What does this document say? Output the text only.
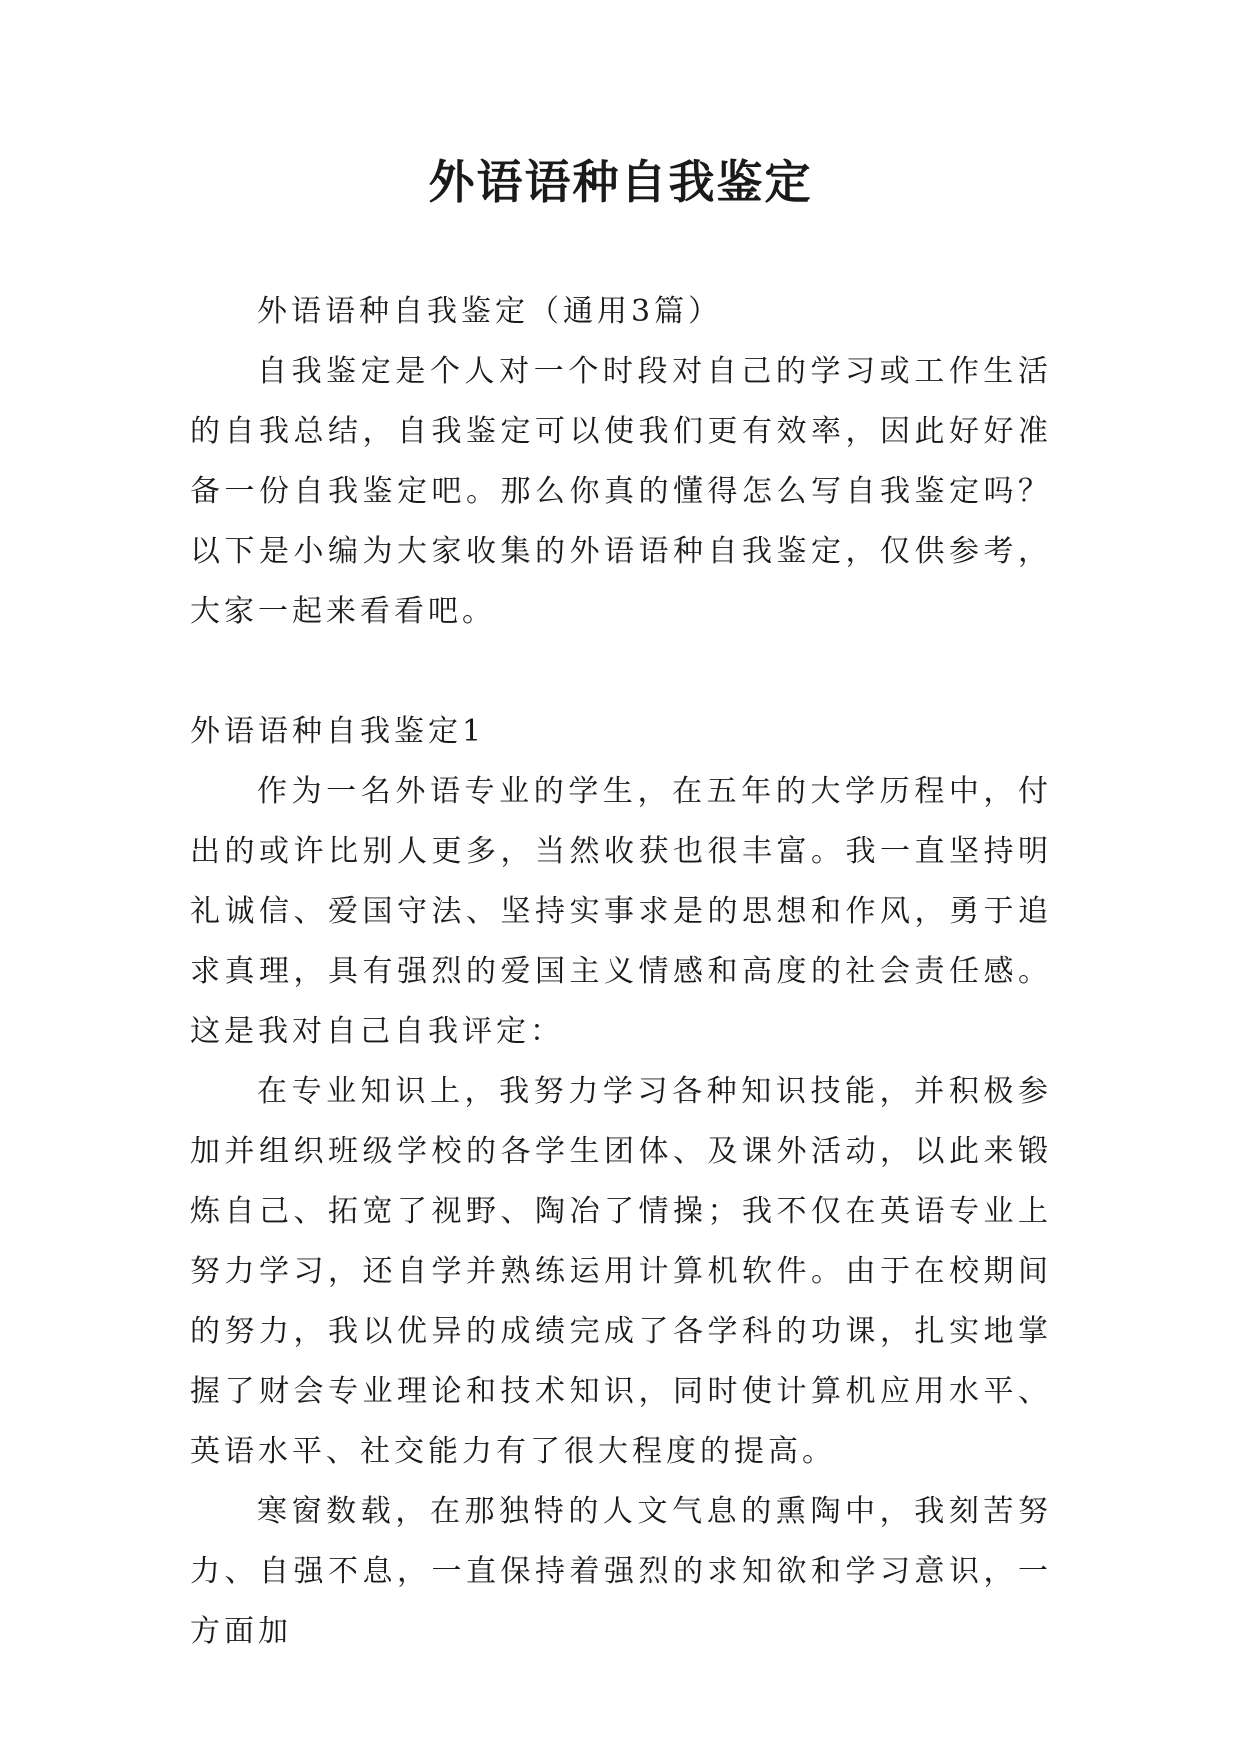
外语语种自我鉴定

外语语种自我鉴定（通用3篇）

自我鉴定是个人对一个时段对自己的学习或工作生活的自我总结，自我鉴定可以使我们更有效率，因此好好准备一份自我鉴定吧。那么你真的懂得怎么写自我鉴定吗？以下是小编为大家收集的外语语种自我鉴定，仅供参考，大家一起来看看吧。

外语语种自我鉴定1

作为一名外语专业的学生，在五年的大学历程中，付出的或许比别人更多，当然收获也很丰富。我一直坚持明礼诚信、爱国守法、坚持实事求是的思想和作风，勇于追求真理，具有强烈的爱国主义情感和高度的社会责任感。这是我对自己自我评定：

在专业知识上，我努力学习各种知识技能，并积极参加并组织班级学校的各学生团体、及课外活动，以此来锻炼自己、拓宽了视野、陶冶了情操；我不仅在英语专业上努力学习，还自学并熟练运用计算机软件。由于在校期间的努力，我以优异的成绩完成了各学科的功课，扎实地掌握了财会专业理论和技术知识，同时使计算机应用水平、英语水平、社交能力有了很大程度的提高。

寒窗数载，在那独特的人文气息的熏陶中，我刻苦努力、自强不息，一直保持着强烈的求知欲和学习意识，一方面加
